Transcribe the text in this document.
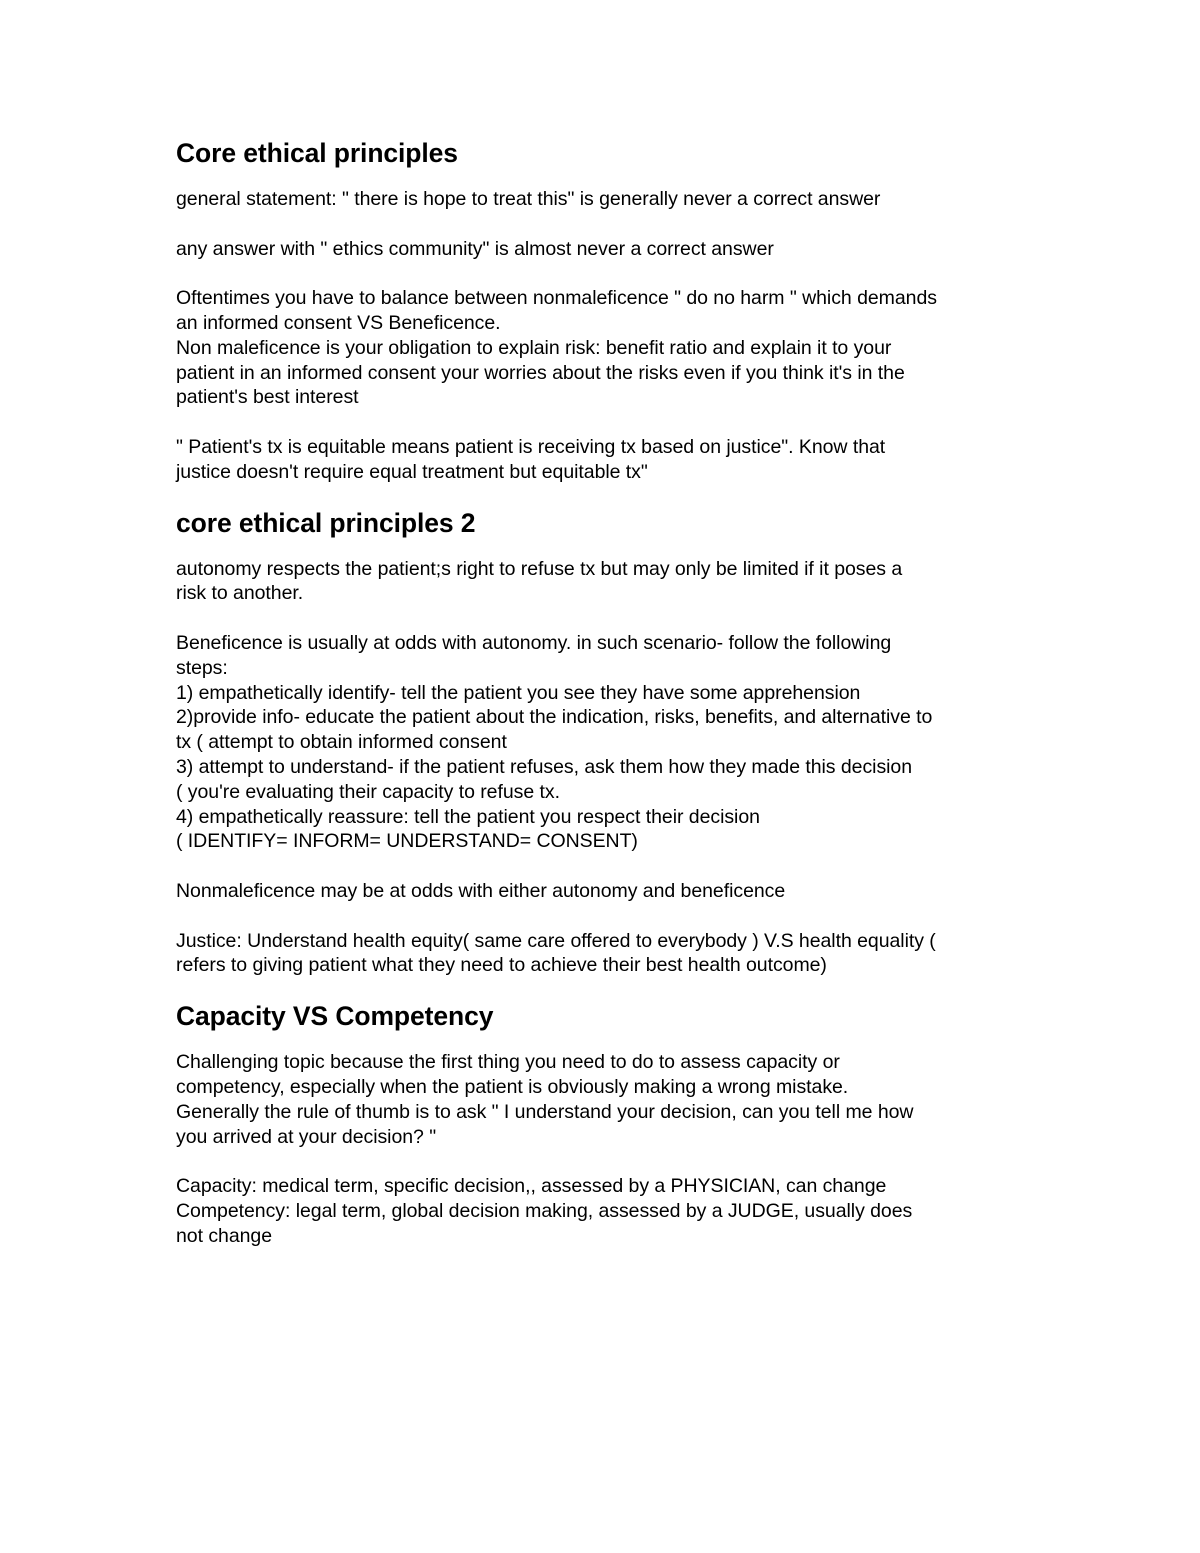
Core ethical principles

general statement: " there is hope to treat this" is generally never a correct answer

any answer with " ethics community" is almost never a correct answer

Oftentimes you have to balance between nonmaleficence " do no harm " which demands

an informed consent VS Beneficence.

Non maleficence is your obligation to explain risk: benefit ratio and explain it to your

patient in an informed consent your worries about the risks even if you think it's in the

patient's best interest

" Patient's tx is equitable means patient is receiving tx based on justice". Know that

justice doesn't require equal treatment but equitable tx"

core ethical principles 2

autonomy respects the patient;s right to refuse tx but may only be limited if it poses a

risk to another.

Beneficence is usually at odds with autonomy. in such scenario- follow the following

steps:

1) empathetically identify- tell the patient you see they have some apprehension

2)provide info- educate the patient about the indication, risks, benefits, and alternative to

tx ( attempt to obtain informed consent

3) attempt to understand- if the patient refuses, ask them how they made this decision

( you're evaluating their capacity to refuse tx.

4) empathetically reassure: tell the patient you respect their decision

( IDENTIFY= INFORM= UNDERSTAND= CONSENT)

Nonmaleficence may be at odds with either autonomy and beneficence

Justice: Understand health equity( same care offered to everybody ) V.S health equality (

refers to giving patient what they need to achieve their best health outcome)

Capacity VS Competency

Challenging topic because the first thing you need to do to assess capacity or

competency, especially when the patient is obviously making a wrong mistake.

Generally the rule of thumb is to ask " I understand your decision, can you tell me how

you arrived at your decision? "

Capacity: medical term, specific decision,, assessed by a PHYSICIAN, can change

Competency: legal term, global decision making, assessed by a JUDGE, usually does

not change
